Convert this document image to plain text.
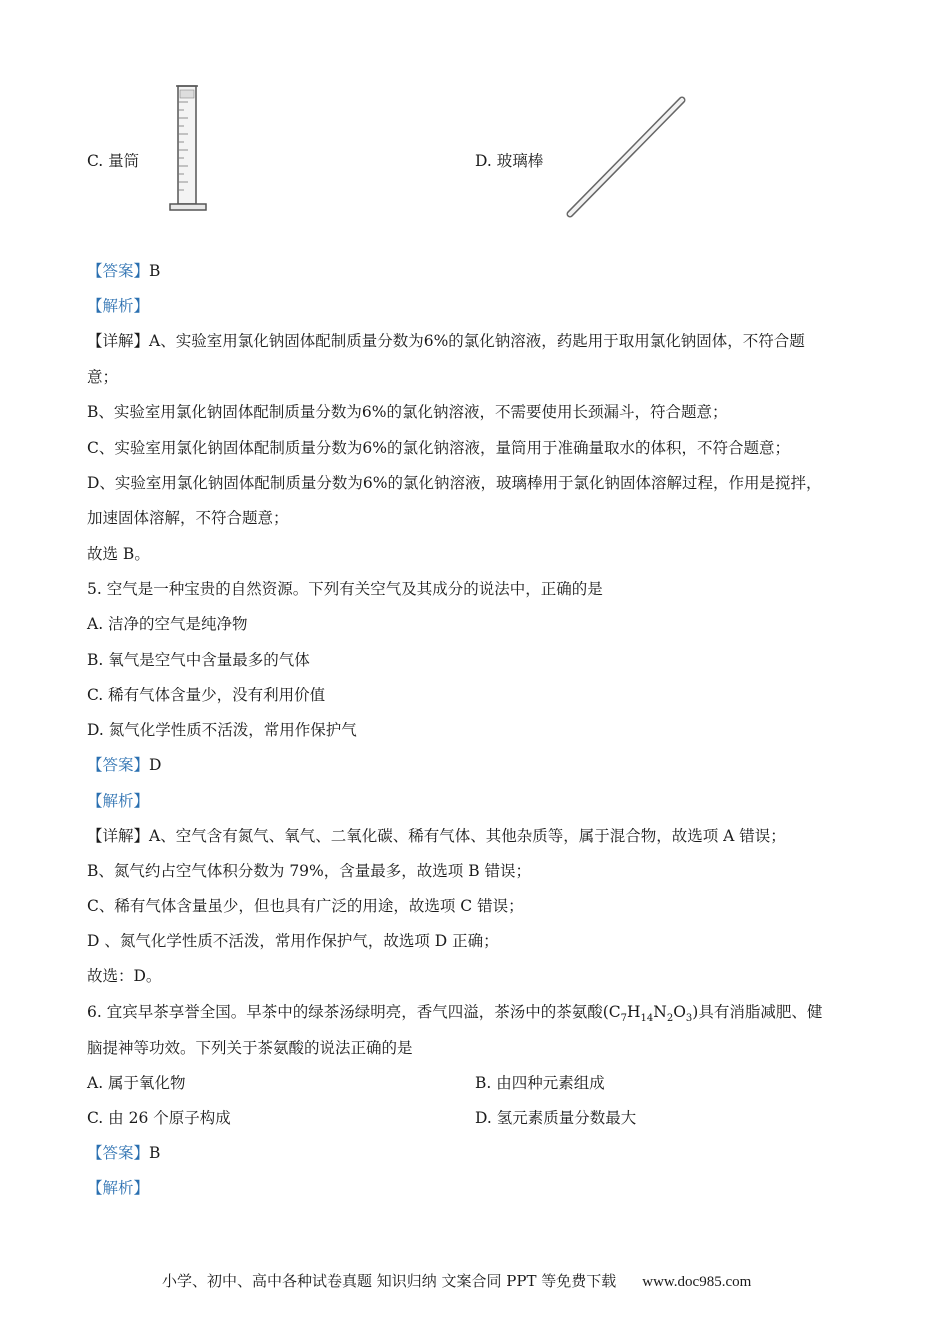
C. 量筒	D. 玻璃棒
【答案】B
【解析】
【详解】A、实验室用氯化钠固体配制质量分数为6%的氯化钠溶液，药匙用于取用氯化钠固体，不符合题
意；
B、实验室用氯化钠固体配制质量分数为6%的氯化钠溶液，不需要使用长颈漏斗，符合题意；
C、实验室用氯化钠固体配制质量分数为6%的氯化钠溶液，量筒用于准确量取水的体积，不符合题意；
D、实验室用氯化钠固体配制质量分数为6%的氯化钠溶液，玻璃棒用于氯化钠固体溶解过程，作用是搅拌，
加速固体溶解，不符合题意；
故选 B。
5. 空气是一种宝贵的自然资源。下列有关空气及其成分的说法中，正确的是
A. 洁净的空气是纯净物
B. 氧气是空气中含量最多的气体
C. 稀有气体含量少，没有利用价值
D. 氮气化学性质不活泼，常用作保护气
【答案】D
【解析】
【详解】A、空气含有氮气、氧气、二氧化碳、稀有气体、其他杂质等，属于混合物，故选项 A 错误；
B、氮气约占空气体积分数为 79%，含量最多，故选项 B 错误；
C、稀有气体含量虽少，但也具有广泛的用途，故选项 C 错误；
D 、氮气化学性质不活泼，常用作保护气，故选项 D 正确；
故选：D。
6. 宜宾早茶享誉全国。早茶中的绿茶汤绿明亮，香气四溢，茶汤中的茶氨酸$(C_7H_{14}N_2O_3)$具有消脂减肥、健
脑提神等功效。下列关于茶氨酸的说法正确的是
A. 属于氧化物	B. 由四种元素组成
C. 由 26 个原子构成	D. 氢元素质量分数最大
【答案】B
【解析】
小学、初中、高中各种试卷真题 知识归纳 文案合同 PPT 等免费下载 www.doc985.com
